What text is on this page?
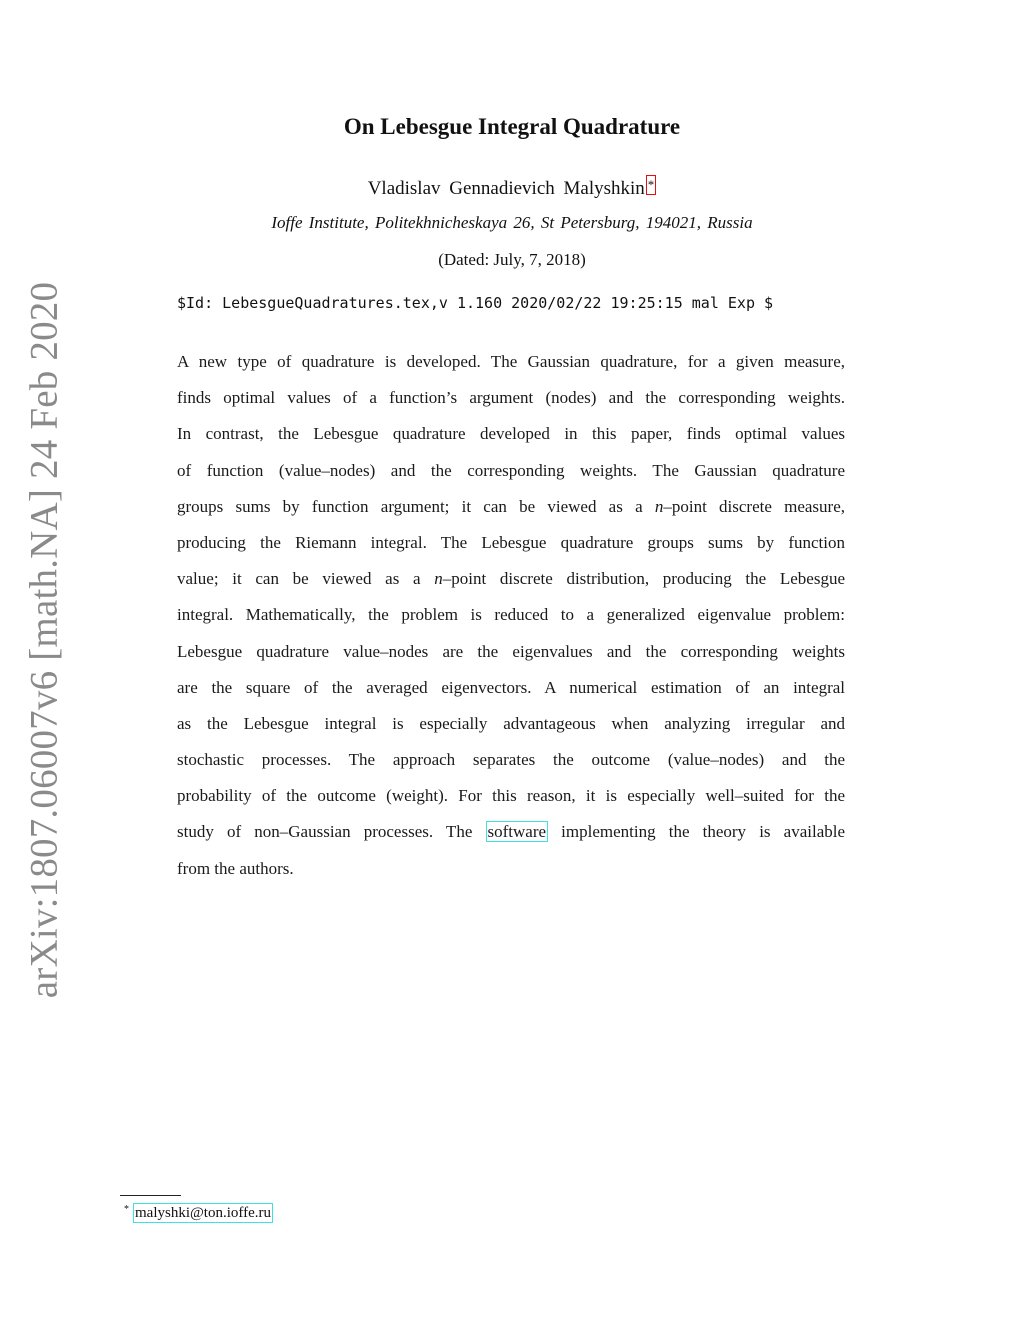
arXiv:1807.06007v6 [math.NA] 24 Feb 2020
On Lebesgue Integral Quadrature
Vladislav Gennadievich Malyshkin *
Ioffe Institute, Politekhnicheskaya 26, St Petersburg, 194021, Russia
(Dated: July, 7, 2018)
$Id: LebesgueQuadratures.tex,v 1.160 2020/02/22 19:25:15 mal Exp $
A new type of quadrature is developed. The Gaussian quadrature, for a given measure,
finds optimal values of a function’s argument (nodes) and the corresponding weights.
In contrast, the Lebesgue quadrature developed in this paper, finds optimal values
of function (value–nodes) and the corresponding weights. The Gaussian quadrature
groups sums by function argument; it can be viewed as a n–point discrete measure,
producing the Riemann integral. The Lebesgue quadrature groups sums by function
value; it can be viewed as a n–point discrete distribution, producing the Lebesgue
integral. Mathematically, the problem is reduced to a generalized eigenvalue problem:
Lebesgue quadrature value–nodes are the eigenvalues and the corresponding weights
are the square of the averaged eigenvectors. A numerical estimation of an integral
as the Lebesgue integral is especially advantageous when analyzing irregular and
stochastic processes. The approach separates the outcome (value–nodes) and the
probability of the outcome (weight). For this reason, it is especially well–suited for the
study of non–Gaussian processes. The software implementing the theory is available
from the authors.
* malyshki@ton.ioffe.ru
